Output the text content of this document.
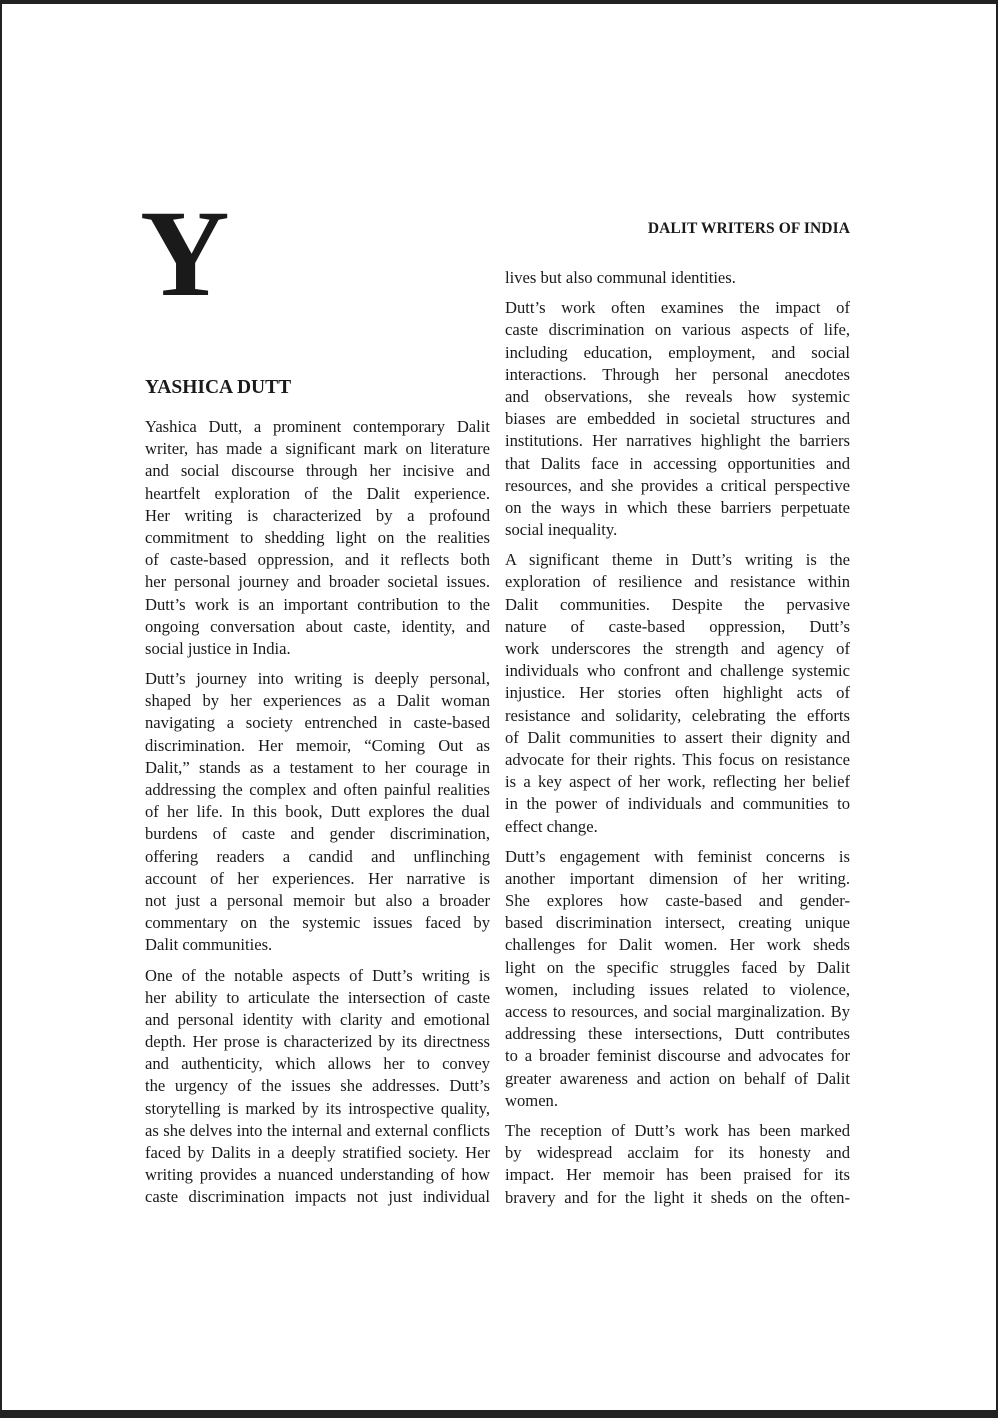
DALIT WRITERS OF INDIA
Y
YASHICA DUTT
Yashica Dutt, a prominent contemporary Dalit
writer, has made a significant mark on literature
and social discourse through her incisive and
heartfelt exploration of the Dalit experience.
Her writing is characterized by a profound
commitment to shedding light on the realities
of caste-based oppression, and it reflects both
her personal journey and broader societal issues.
Dutt’s work is an important contribution to the
ongoing conversation about caste, identity, and
social justice in India.
Dutt’s journey into writing is deeply personal,
shaped by her experiences as a Dalit woman
navigating a society entrenched in caste-based
discrimination. Her memoir, “Coming Out as
Dalit,” stands as a testament to her courage in
addressing the complex and often painful realities
of her life. In this book, Dutt explores the dual
burdens of caste and gender discrimination,
offering readers a candid and unflinching
account of her experiences. Her narrative is
not just a personal memoir but also a broader
commentary on the systemic issues faced by
Dalit communities.
One of the notable aspects of Dutt’s writing is
her ability to articulate the intersection of caste
and personal identity with clarity and emotional
depth. Her prose is characterized by its directness
and authenticity, which allows her to convey
the urgency of the issues she addresses. Dutt’s
storytelling is marked by its introspective quality,
as she delves into the internal and external conflicts
faced by Dalits in a deeply stratified society. Her
writing provides a nuanced understanding of how
caste discrimination impacts not just individual
lives but also communal identities.
Dutt’s work often examines the impact of
caste discrimination on various aspects of life,
including education, employment, and social
interactions. Through her personal anecdotes
and observations, she reveals how systemic
biases are embedded in societal structures and
institutions. Her narratives highlight the barriers
that Dalits face in accessing opportunities and
resources, and she provides a critical perspective
on the ways in which these barriers perpetuate
social inequality.
A significant theme in Dutt’s writing is the
exploration of resilience and resistance within
Dalit communities. Despite the pervasive
nature of caste-based oppression, Dutt’s
work underscores the strength and agency of
individuals who confront and challenge systemic
injustice. Her stories often highlight acts of
resistance and solidarity, celebrating the efforts
of Dalit communities to assert their dignity and
advocate for their rights. This focus on resistance
is a key aspect of her work, reflecting her belief
in the power of individuals and communities to
effect change.
Dutt’s engagement with feminist concerns is
another important dimension of her writing.
She explores how caste-based and gender-
based discrimination intersect, creating unique
challenges for Dalit women. Her work sheds
light on the specific struggles faced by Dalit
women, including issues related to violence,
access to resources, and social marginalization. By
addressing these intersections, Dutt contributes
to a broader feminist discourse and advocates for
greater awareness and action on behalf of Dalit
women.
The reception of Dutt’s work has been marked
by widespread acclaim for its honesty and
impact. Her memoir has been praised for its
bravery and for the light it sheds on the often-
